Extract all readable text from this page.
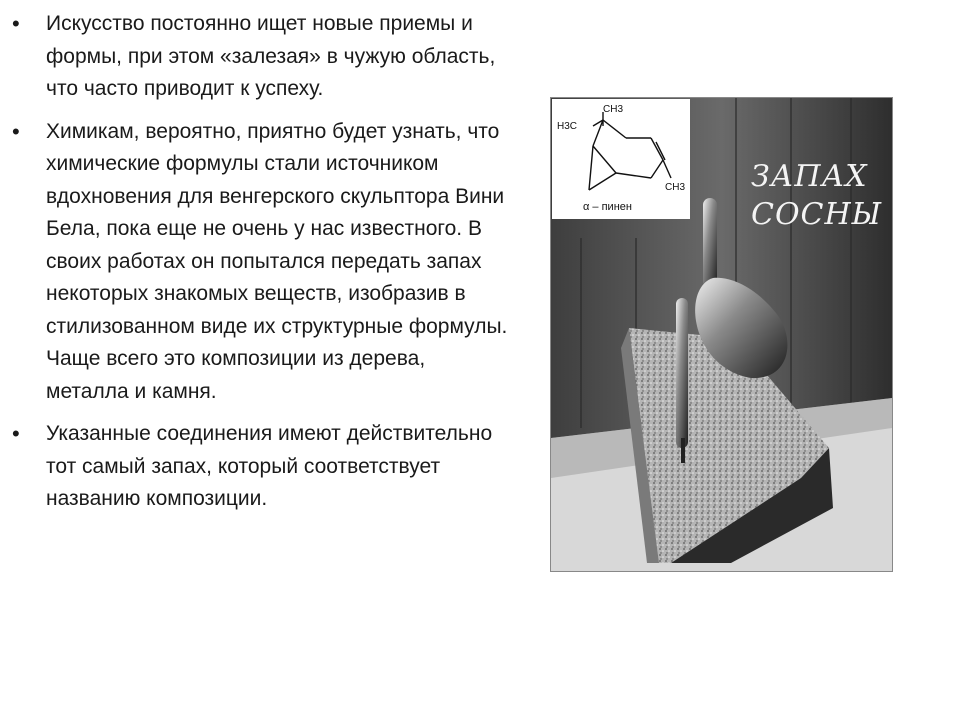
• Искусство постоянно ищет новые приемы и формы, при этом «залезая» в чужую область, что часто приводит к успеху.
• Химикам, вероятно, приятно будет узнать, что химические формулы стали источником вдохновения для венгерского скульптора Вини Бела, пока еще не очень у нас известного. В своих работах он попытался передать запах некоторых знакомых веществ, изобразив в стилизованном виде их структурные формулы. Чаще всего это композиции из дерева, металла и камня.
• Указанные соединения имеют действительно тот самый запах, который соответствует названию композиции.
CH3
H3C
CH3
α – пинен
ЗАПАХ
СОСНЫ
